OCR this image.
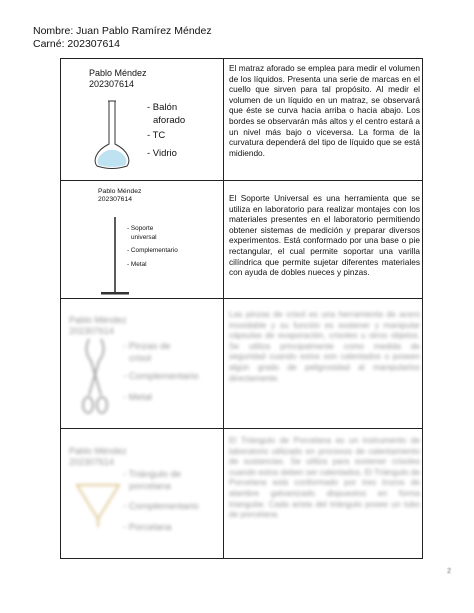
Nombre: Juan Pablo Ramírez Méndez
Carné: 202307614
Pablo Méndez
202307614
- Balón
aforado
- TC
- Vidrio
El matraz aforado se emplea para medir el volumen de los líquidos. Presenta una serie de marcas en el cuello que sirven para tal propósito. Al medir el volumen de un líquido en un matraz, se observará que éste se curva hacia arriba o hacia abajo. Los bordes se observarán más altos y el centro estará a un nivel más bajo o viceversa. La forma de la curvatura dependerá del tipo de líquido que se está midiendo.
Pablo Méndez
202307614
- Soporte
universal
- Complementario
- Metal
El Soporte Universal es una herramienta que se utiliza en laboratorio para realizar montajes con los materiales presentes en el laboratorio permitiendo obtener sistemas de medición y preparar diversos experimentos. Está conformado por una base o pie rectangular, el cual permite soportar una varilla cilíndrica que permite sujetar diferentes materiales con ayuda de dobles nueces y pinzas.
Pablo Méndez
202307614
- Pinzas de
crisol
- Complementario
- Metal
Las pinzas de crisol es una herramienta de acero inoxidable y su función es sostener y manipular cápsulas de evaporación, crisoles u otros objetos. Se utiliza principalmente como medida de seguridad cuando estos son calentados o poseen algún grado de peligrosidad al manipularlos directamente.
Pablo Méndez
202307614
- Triángulo de
porcelana
- Complementario
- Porcelana
El Triángulo de Porcelana es un instrumento de laboratorio utilizado en procesos de calentamiento de sustancias. Se utiliza para sostener crisoles cuando estos deben ser calentados. El Triángulo de Porcelana está conformado por tres trozos de alambre galvanizado dispuestos en forma triangular. Cada arista del triángulo posee un tubo de porcelana.
2
